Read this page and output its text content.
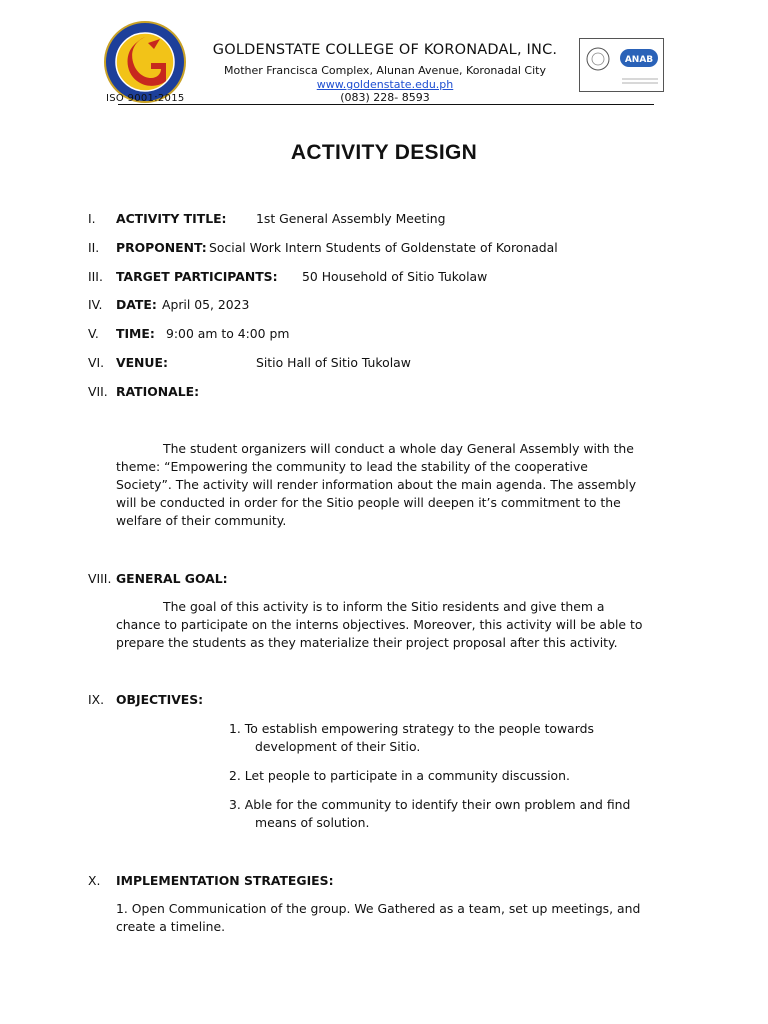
ISO 9001:2015
GOLDENSTATE COLLEGE OF KORONADAL, INC.
Mother Francisca Complex, Alunan Avenue, Koronadal City
www.goldenstate.edu.ph
(083) 228- 8593
ANAB
ACTIVITY DESIGN
I. ACTIVITY TITLE: 1st General Assembly Meeting
II. PROPONENT: Social Work Intern Students of Goldenstate of Koronadal
III. TARGET PARTICIPANTS: 50 Household of Sitio Tukolaw
IV. DATE: April 05, 2023
V. TIME: 9:00 am to 4:00 pm
VI. VENUE:	Sitio Hall of Sitio Tukolaw
VII. RATIONALE:
The student organizers will conduct a whole day General Assembly with the
theme: “Empowering the community to lead the stability of the cooperative
Society”. The activity will render information about the main agenda. The assembly
will be conducted in order for the Sitio people will deepen it’s commitment to the
welfare of their community.
VIII. GENERAL GOAL:
The goal of this activity is to inform the Sitio residents and give them a
chance to participate on the interns objectives. Moreover, this activity will be able to
prepare the students as they materialize their project proposal after this activity.
IX. OBJECTIVES:
1. To establish empowering strategy to the people towards
development of their Sitio.
2. Let people to participate in a community discussion.
3. Able for the community to identify their own problem and find
means of solution.
X. IMPLEMENTATION STRATEGIES:
1. Open Communication of the group. We Gathered as a team, set up meetings, and
create a timeline.
